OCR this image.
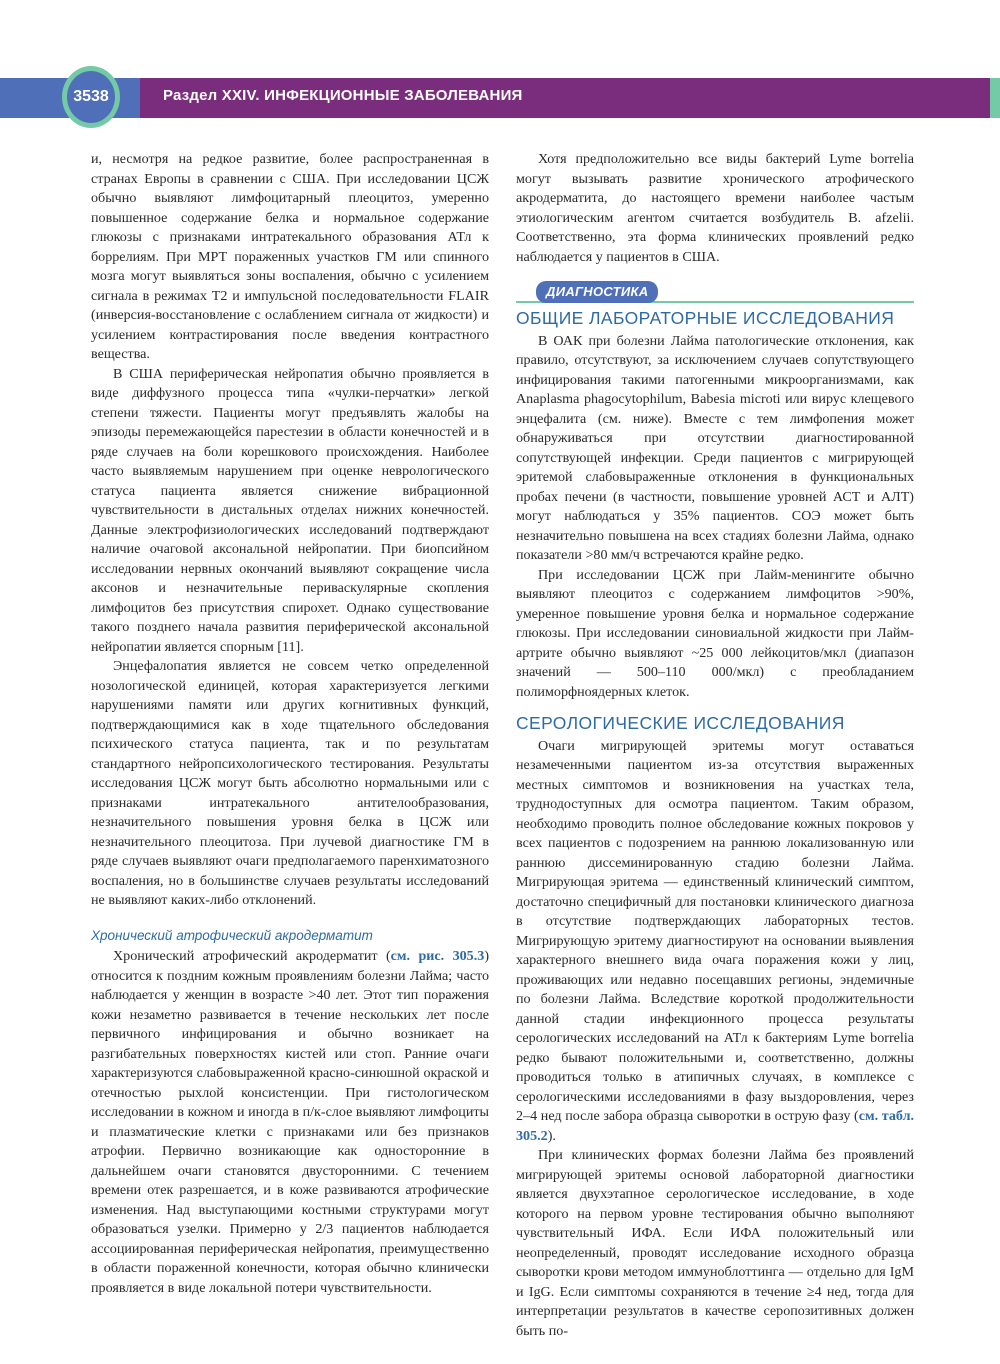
Раздел XXIV. ИНФЕКЦИОННЫЕ ЗАБОЛЕВАНИЯ
3538

и, несмотря на редкое развитие, более распространенная в странах Европы в сравнении с США. При исследовании ЦСЖ обычно выявляют лимфоцитарный плеоцитоз, умеренно повышенное содержание белка и нормальное содержание глюкозы с признаками интратекального образования АТл к боррелиям. При МРТ пораженных участков ГМ или спинного мозга могут выявляться зоны воспаления, обычно с усилением сигнала в режимах T2 и импульсной последовательности FLAIR (инверсия-восстановление с ослаблением сигнала от жидкости) и усилением контрастирования после введения контрастного вещества.

В США периферическая нейропатия обычно проявляется в виде диффузного процесса типа «чулки-перчатки» легкой степени тяжести. Пациенты могут предъявлять жалобы на эпизоды перемежающейся парестезии в области конечностей и в ряде случаев на боли корешкового происхождения. Наиболее часто выявляемым нарушением при оценке неврологического статуса пациента является снижение вибрационной чувствительности в дистальных отделах нижних конечностей. Данные электрофизиологических исследований подтверждают наличие очаговой аксональной нейропатии. При биопсийном исследовании нервных окончаний выявляют сокращение числа аксонов и незначительные периваскулярные скопления лимфоцитов без присутствия спирохет. Однако существование такого позднего начала развития периферической аксональной нейропатии является спорным [11].

Энцефалопатия является не совсем четко определенной нозологической единицей, которая характеризуется легкими нарушениями памяти или других когнитивных функций, подтверждающимися как в ходе тщательного обследования психического статуса пациента, так и по результатам стандартного нейропсихологического тестирования. Результаты исследования ЦСЖ могут быть абсолютно нормальными или с признаками интратекального антителообразования, незначительного повышения уровня белка в ЦСЖ или незначительного плеоцитоза. При лучевой диагностике ГМ в ряде случаев выявляют очаги предполагаемого паренхиматозного воспаления, но в большинстве случаев результаты исследований не выявляют каких-либо отклонений.

Хронический атрофический акродерматит

Хронический атрофический акродерматит (см. рис. 305.3) относится к поздним кожным проявлениям болезни Лайма; часто наблюдается у женщин в возрасте >40 лет. Этот тип поражения кожи незаметно развивается в течение нескольких лет после первичного инфицирования и обычно возникает на разгибательных поверхностях кистей или стоп. Ранние очаги характеризуются слабовыраженной красно-синюшной окраской и отечностью рыхлой консистенции. При гистологическом исследовании в кожном и иногда в п/к-слое выявляют лимфоциты и плазматические клетки с признаками или без признаков атрофии. Первично возникающие как односторонние в дальнейшем очаги становятся двусторонними. С течением времени отек разрешается, и в коже развиваются атрофические изменения. Над выступающими костными структурами могут образоваться узелки. Примерно у 2/3 пациентов наблюдается ассоциированная периферическая нейропатия, преимущественно в области пораженной конечности, которая обычно клинически проявляется в виде локальной потери чувствительности.

Хотя предположительно все виды бактерий Lyme borrelia могут вызывать развитие хронического атрофического акродерматита, до настоящего времени наиболее частым этиологическим агентом считается возбудитель B. afzelii. Соответственно, эта форма клинических проявлений редко наблюдается у пациентов в США.

ДИАГНОСТИКА
ОБЩИЕ ЛАБОРАТОРНЫЕ ИССЛЕДОВАНИЯ

В ОАК при болезни Лайма патологические отклонения, как правило, отсутствуют, за исключением случаев сопутствующего инфицирования такими патогенными микроорганизмами, как Anaplasma phagocytophilum, Babesia microti или вирус клещевого энцефалита (см. ниже). Вместе с тем лимфопения может обнаруживаться при отсутствии диагностированной сопутствующей инфекции. Среди пациентов с мигрирующей эритемой слабовыраженные отклонения в функциональных пробах печени (в частности, повышение уровней АСТ и АЛТ) могут наблюдаться у 35% пациентов. СОЭ может быть незначительно повышена на всех стадиях болезни Лайма, однако показатели >80 мм/ч встречаются крайне редко.

При исследовании ЦСЖ при Лайм-менингите обычно выявляют плеоцитоз с содержанием лимфоцитов >90%, умеренное повышение уровня белка и нормальное содержание глюкозы. При исследовании синовиальной жидкости при Лайм-артрите обычно выявляют ~25 000 лейкоцитов/мкл (диапазон значений — 500–110 000/мкл) с преобладанием полиморфноядерных клеток.

СЕРОЛОГИЧЕСКИЕ ИССЛЕДОВАНИЯ

Очаги мигрирующей эритемы могут оставаться незамеченными пациентом из-за отсутствия выраженных местных симптомов и возникновения на участках тела, труднодоступных для осмотра пациентом. Таким образом, необходимо проводить полное обследование кожных покровов у всех пациентов с подозрением на раннюю локализованную или раннюю диссеминированную стадию болезни Лайма. Мигрирующая эритема — единственный клинический симптом, достаточно специфичный для постановки клинического диагноза в отсутствие подтверждающих лабораторных тестов. Мигрирующую эритему диагностируют на основании выявления характерного внешнего вида очага поражения кожи у лиц, проживающих или недавно посещавших регионы, эндемичные по болезни Лайма. Вследствие короткой продолжительности данной стадии инфекционного процесса результаты серологических исследований на АТл к бактериям Lyme borrelia редко бывают положительными и, соответственно, должны проводиться только в атипичных случаях, в комплексе с серологическими исследованиями в фазу выздоровления, через 2–4 нед после забора образца сыворотки в острую фазу (см. табл. 305.2).

При клинических формах болезни Лайма без проявлений мигрирующей эритемы основой лабораторной диагностики является двухэтапное серологическое исследование, в ходе которого на первом уровне тестирования обычно выполняют чувствительный ИФА. Если ИФА положительный или неопределенный, проводят исследование исходного образца сыворотки крови методом иммуноблоттинга — отдельно для IgM и IgG. Если симптомы сохраняются в течение ≥4 нед, тогда для интерпретации результатов в качестве серопозитивных должен быть по-
